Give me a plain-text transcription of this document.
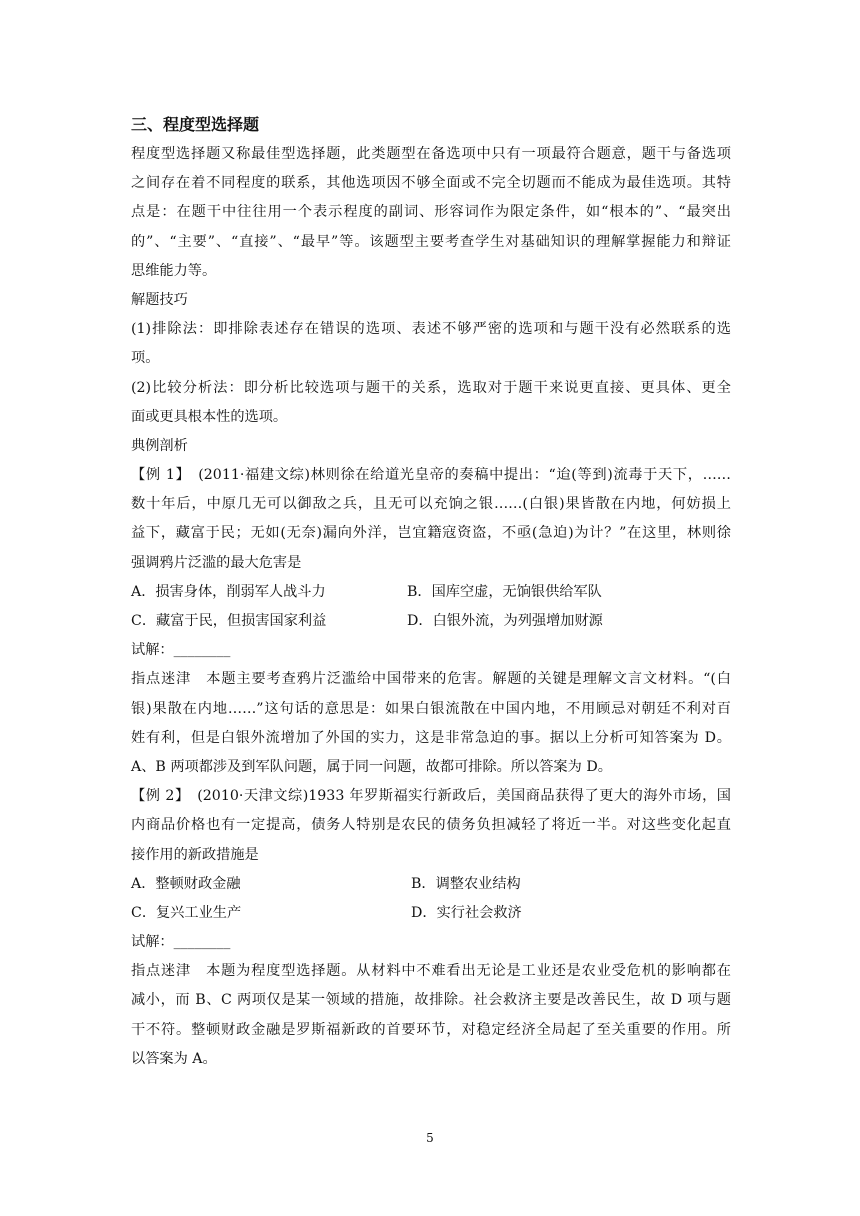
三、程度型选择题
程度型选择题又称最佳型选择题，此类题型在备选项中只有一项最符合题意，题干与备选项
之间存在着不同程度的联系，其他选项因不够全面或不完全切题而不能成为最佳选项。其特
点是：在题干中往往用一个表示程度的副词、形容词作为限定条件，如“根本的”、“最突出
的”、“主要”、“直接”、“最早”等。该题型主要考查学生对基础知识的理解掌握能力和辩证
思维能力等。
解题技巧
(1)排除法：即排除表述存在错误的选项、表述不够严密的选项和与题干没有必然联系的选
项。
(2)比较分析法：即分析比较选项与题干的关系，选取对于题干来说更直接、更具体、更全
面或更具根本性的选项。
典例剖析
【例 1】　(2011·福建文综)林则徐在给道光皇帝的奏稿中提出：“迨(等到)流毒于天下，……
数十年后，中原几无可以御敌之兵，且无可以充饷之银……(白银)果皆散在内地，何妨损上
益下，藏富于民；无如(无奈)漏向外洋，岂宜籍寇资盗，不亟(急迫)为计？”在这里，林则徐
强调鸦片泛滥的最大危害是
A．损害身体，削弱军人战斗力	B．国库空虚，无饷银供给军队
C．藏富于民，但损害国家利益	D．白银外流，为列强增加财源
试解：________
指点迷津　本题主要考查鸦片泛滥给中国带来的危害。解题的关键是理解文言文材料。“(白
银)果散在内地……”这句话的意思是：如果白银流散在中国内地，不用顾忌对朝廷不利对百
姓有利，但是白银外流增加了外国的实力，这是非常急迫的事。据以上分析可知答案为 D。
A、B 两项都涉及到军队问题，属于同一问题，故都可排除。所以答案为 D。
【例 2】　(2010·天津文综)1933 年罗斯福实行新政后，美国商品获得了更大的海外市场，国
内商品价格也有一定提高，债务人特别是农民的债务负担减轻了将近一半。对这些变化起直
接作用的新政措施是
A．整顿财政金融	B．调整农业结构
C．复兴工业生产	D．实行社会救济
试解：________
指点迷津　本题为程度型选择题。从材料中不难看出无论是工业还是农业受危机的影响都在
减小，而 B、C 两项仅是某一领域的措施，故排除。社会救济主要是改善民生，故 D 项与题
干不符。整顿财政金融是罗斯福新政的首要环节，对稳定经济全局起了至关重要的作用。所
以答案为 A。
5
